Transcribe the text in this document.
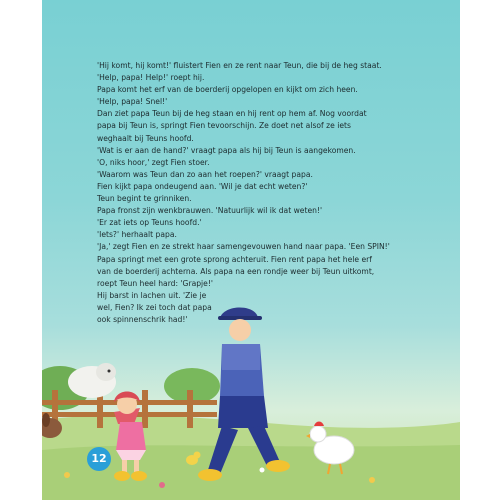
'Hij komt, hij komt!' fluistert Fien en ze rent naar Teun, die bij de heg staat.

'Help, papa! Help!' roept hij.

Papa komt het erf van de boerderij opgelopen en kijkt om zich heen.

'Help, papa! Snel!'

Dan ziet papa Teun bij de heg staan en hij rent op hem af. Nog voordat

papa bij Teun is, springt Fien tevoorschijn. Ze doet net alsof ze iets

weghaalt bij Teuns hoofd.

'Wat is er aan de hand?' vraagt papa als hij bij Teun is aangekomen.

'O, niks hoor,' zegt Fien stoer.

'Waarom was Teun dan zo aan het roepen?' vraagt papa.

Fien kijkt papa ondeugend aan. 'Wil je dat echt weten?'

Teun begint te grinniken.

Papa fronst zijn wenkbrauwen. 'Natuurlijk wil ik dat weten!'

'Er zat iets op Teuns hoofd.'

'Iets?' herhaalt papa.

'Ja,' zegt Fien en ze strekt haar samengevouwen hand naar papa. 'Een SPIN!'

Papa springt met een grote sprong achteruit. Fien rent papa het hele erf

van de boerderij achterna. Als papa na een rondje weer bij Teun uitkomt,

roept Teun heel hard: 'Grapje!'

Hij barst in lachen uit. 'Zie je

wel, Fien? Ik zei toch dat papa

ook spinnenschrik had!'

12
